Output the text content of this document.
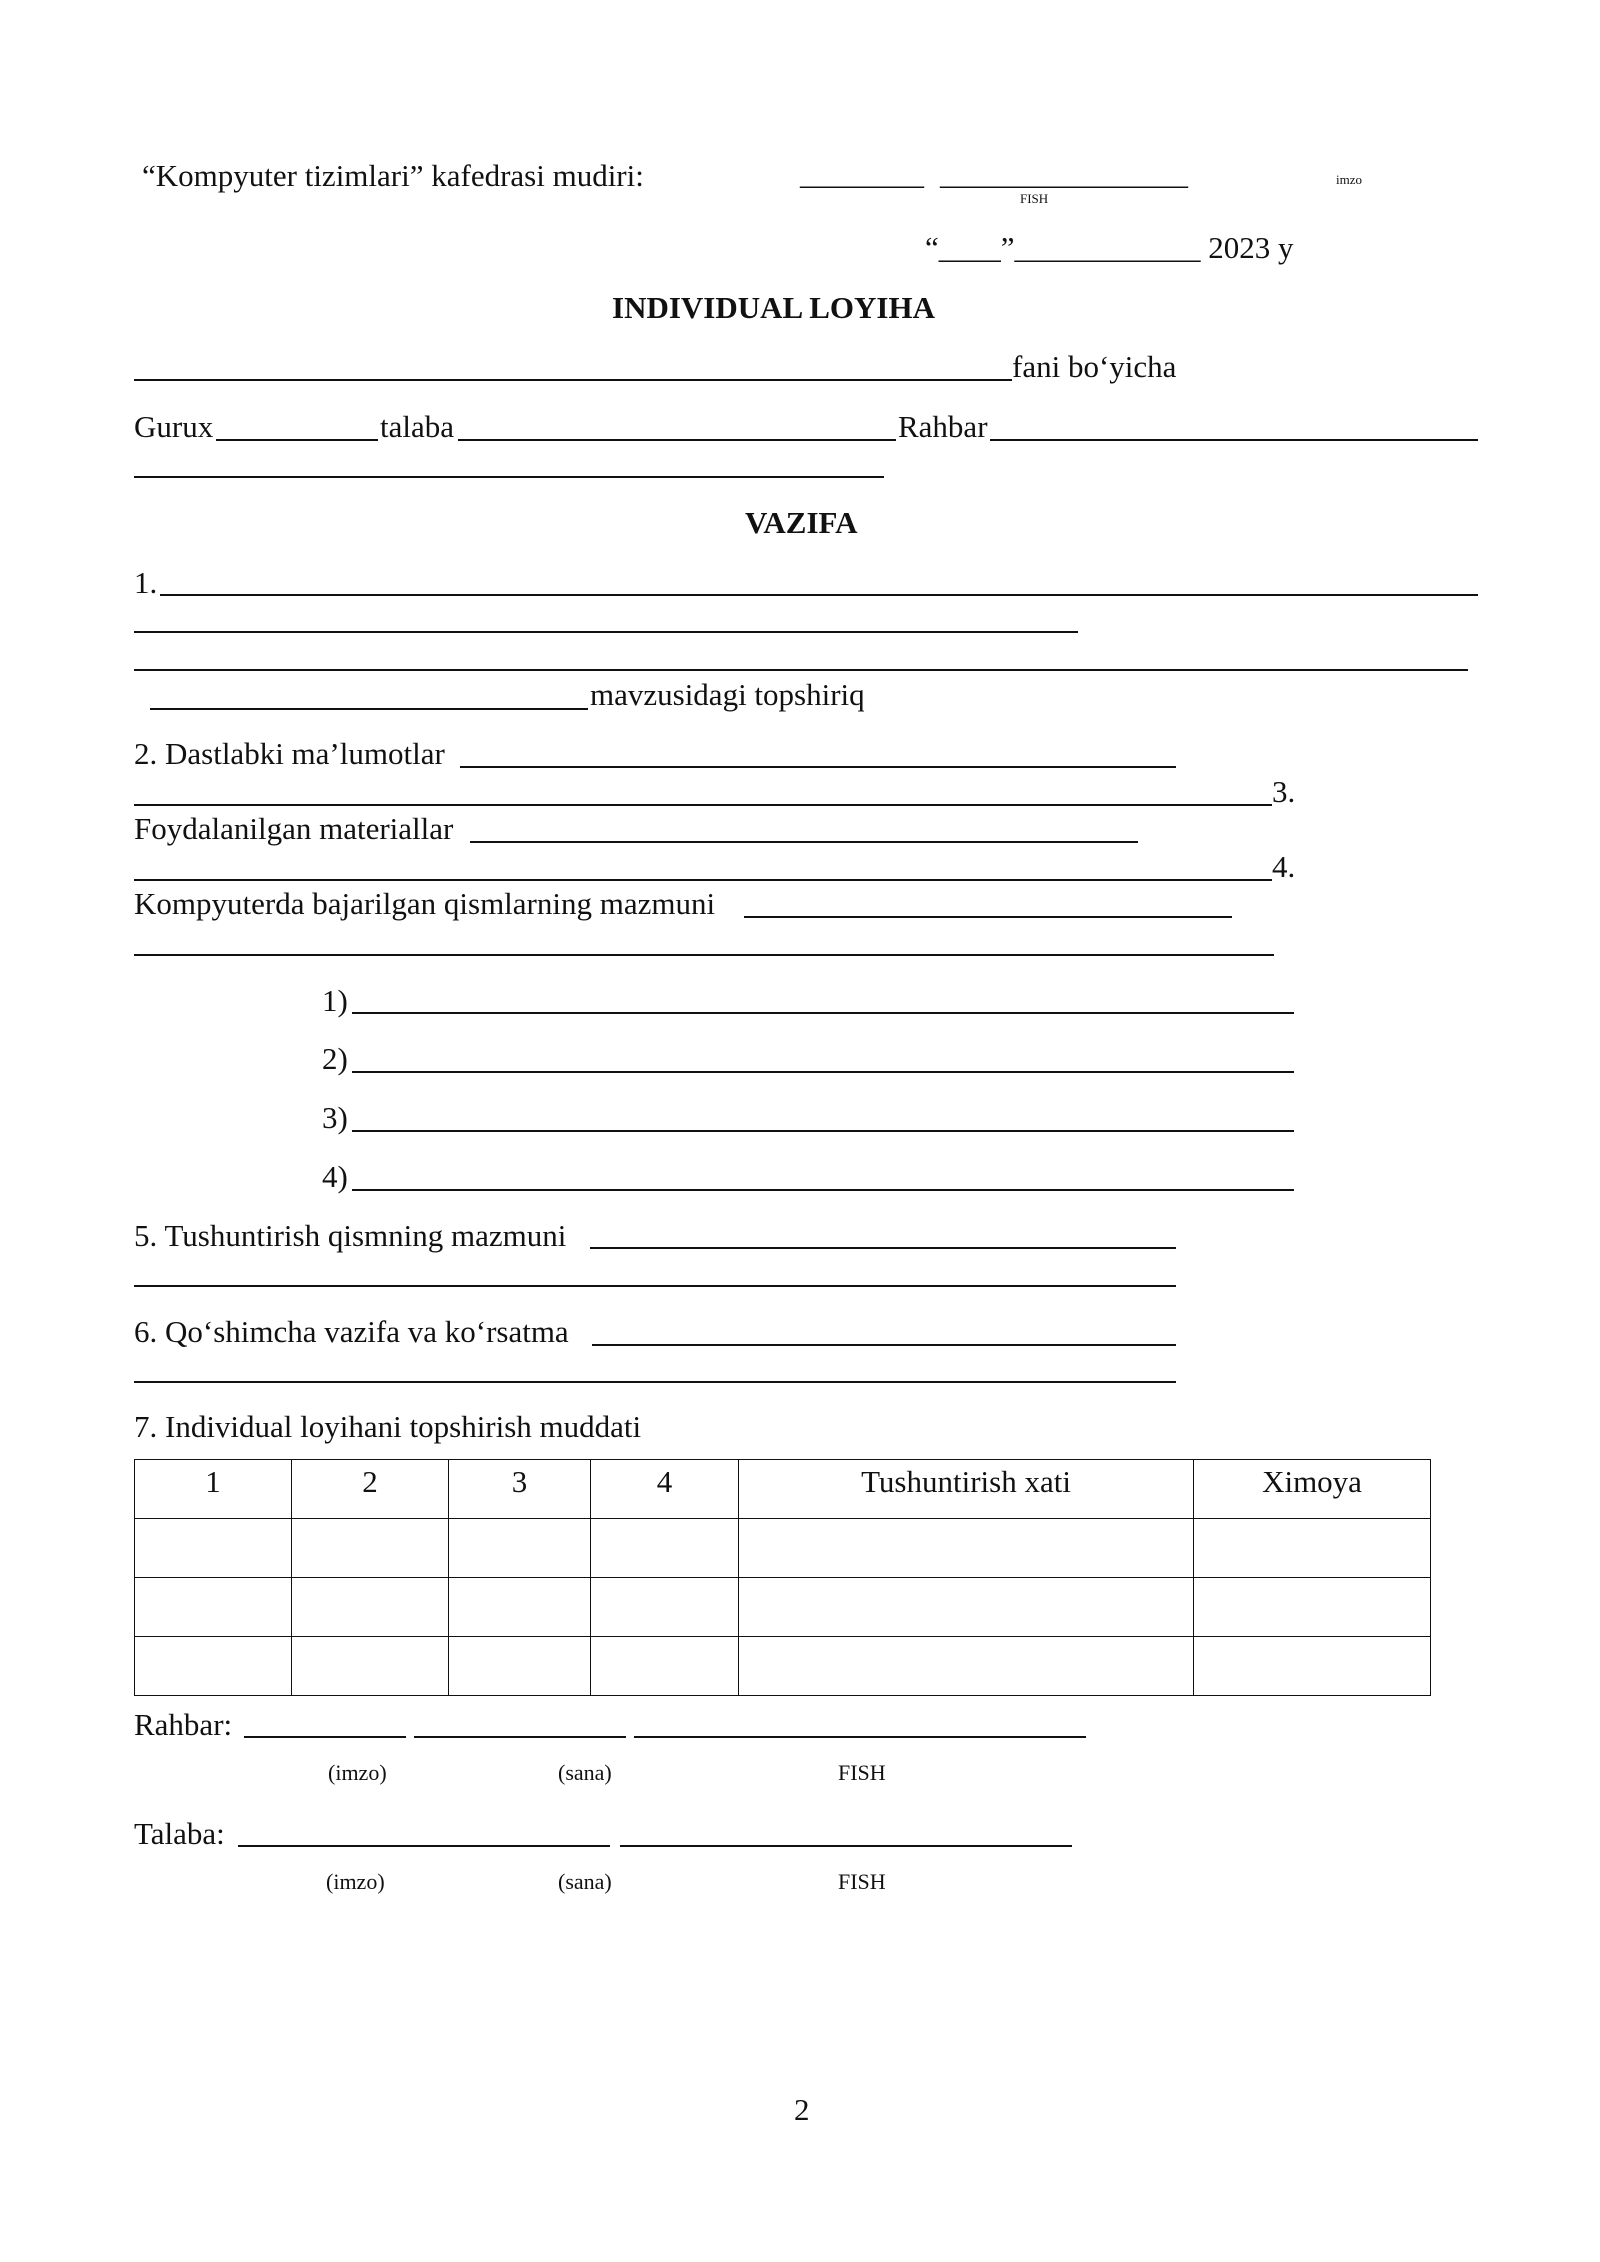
“Kompyuter tizimlari” kafedrasi mudiri:	________ ________________
FISH
imzo
“____”____________ 2023 y
INDIVIDUAL LOYIHA
fani bo‘yicha
Gurux	talaba	Rahbar
VAZIFA
1.
mavzusidagi topshiriq
2. Dastlabki ma’lumotlar
3.
Foydalanilgan materiallar
4.
Kompyuterda bajarilgan qismlarning mazmuni
1)
2)
3)
4)
5. Tushuntirish qismning mazmuni
6. Qo‘shimcha vazifa va ko‘rsatma
7. Individual loyihani topshirish muddati
1	2	3	4	Tushuntirish xati	Ximoya

Rahbar:
(imzo)	(sana)	FISH
Talaba:
(imzo)	(sana)	FISH
2
